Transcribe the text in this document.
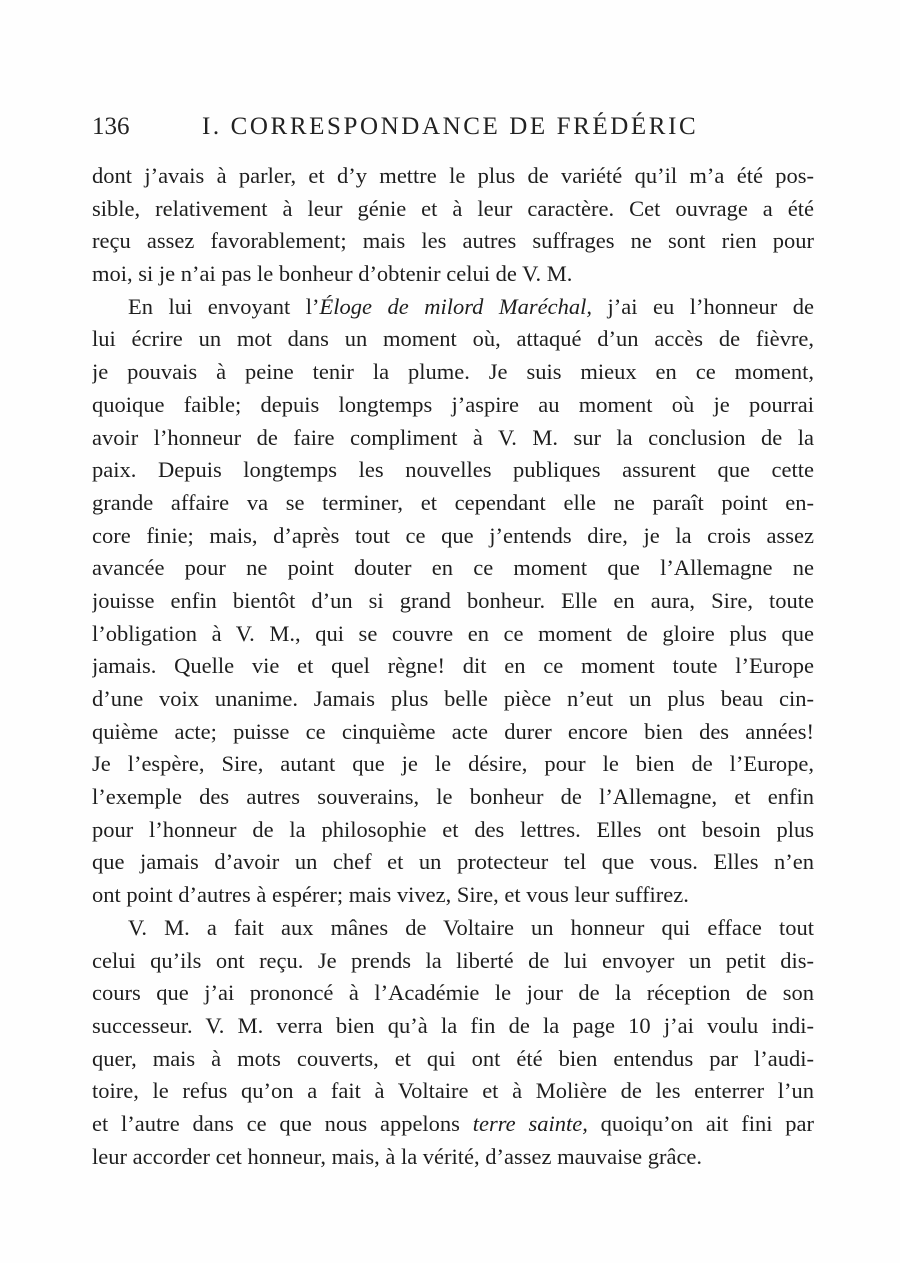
136	I. CORRESPONDANCE DE FRÉDÉRIC
dont j’avais à parler, et d’y mettre le plus de variété qu’il m’a été pos-
sible, relativement à leur génie et à leur caractère. Cet ouvrage a été
reçu assez favorablement; mais les autres suffrages ne sont rien pour
moi, si je n’ai pas le bonheur d’obtenir celui de V. M.
En lui envoyant l’Éloge de milord Maréchal, j’ai eu l’honneur de
lui écrire un mot dans un moment où, attaqué d’un accès de fièvre,
je pouvais à peine tenir la plume. Je suis mieux en ce moment,
quoique faible; depuis longtemps j’aspire au moment où je pourrai
avoir l’honneur de faire compliment à V. M. sur la conclusion de la
paix. Depuis longtemps les nouvelles publiques assurent que cette
grande affaire va se terminer, et cependant elle ne paraît point en-
core finie; mais, d’après tout ce que j’entends dire, je la crois assez
avancée pour ne point douter en ce moment que l’Allemagne ne
jouisse enfin bientôt d’un si grand bonheur. Elle en aura, Sire, toute
l’obligation à V. M., qui se couvre en ce moment de gloire plus que
jamais. Quelle vie et quel règne! dit en ce moment toute l’Europe
d’une voix unanime. Jamais plus belle pièce n’eut un plus beau cin-
quième acte; puisse ce cinquième acte durer encore bien des années!
Je l’espère, Sire, autant que je le désire, pour le bien de l’Europe,
l’exemple des autres souverains, le bonheur de l’Allemagne, et enfin
pour l’honneur de la philosophie et des lettres. Elles ont besoin plus
que jamais d’avoir un chef et un protecteur tel que vous. Elles n’en
ont point d’autres à espérer; mais vivez, Sire, et vous leur suffirez.
V. M. a fait aux mânes de Voltaire un honneur qui efface tout
celui qu’ils ont reçu. Je prends la liberté de lui envoyer un petit dis-
cours que j’ai prononcé à l’Académie le jour de la réception de son
successeur. V. M. verra bien qu’à la fin de la page 10 j’ai voulu indi-
quer, mais à mots couverts, et qui ont été bien entendus par l’audi-
toire, le refus qu’on a fait à Voltaire et à Molière de les enterrer l’un
et l’autre dans ce que nous appelons terre sainte, quoiqu’on ait fini par
leur accorder cet honneur, mais, à la vérité, d’assez mauvaise grâce.
